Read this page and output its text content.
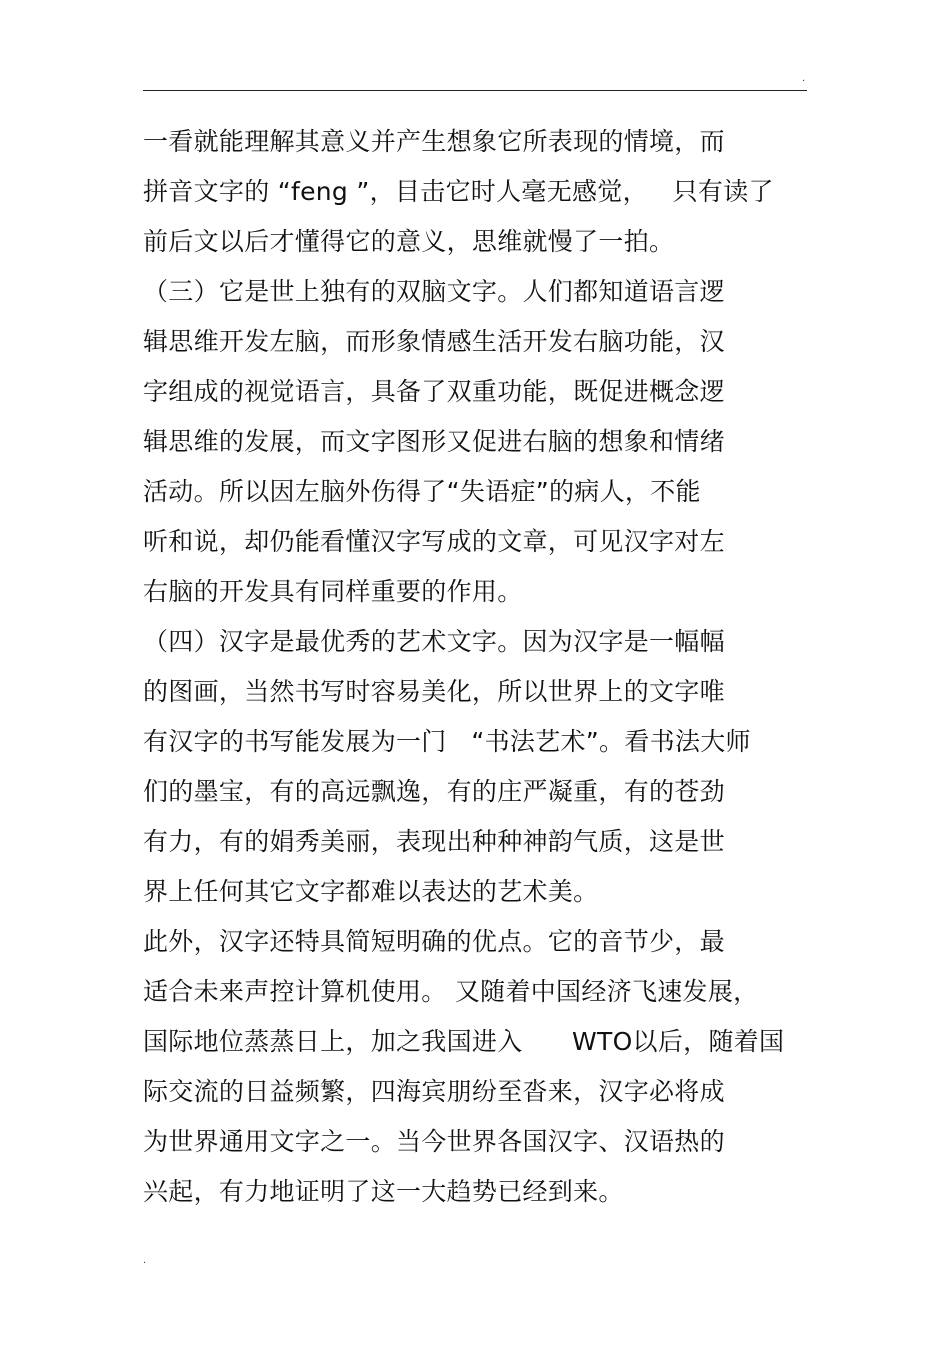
.
一看就能理解其意义并产生想象它所表现的情境，而
拼音文字的 “feng ”，目击它时人毫无感觉，   只有读了
前后文以后才懂得它的意义，思维就慢了一拍。
（三）它是世上独有的双脑文字。人们都知道语言逻
辑思维开发左脑，而形象情感生活开发右脑功能，汉
字组成的视觉语言，具备了双重功能，既促进概念逻
辑思维的发展，而文字图形又促进右脑的想象和情绪
活动。所以因左脑外伤得了“失语症”的病人，不能
听和说，却仍能看懂汉字写成的文章，可见汉字对左
右脑的开发具有同样重要的作用。
（四）汉字是最优秀的艺术文字。因为汉字是一幅幅
的图画，当然书写时容易美化，所以世界上的文字唯
有汉字的书写能发展为一门   “书法艺术”。看书法大师
们的墨宝，有的高远飘逸，有的庄严凝重，有的苍劲
有力，有的娟秀美丽，表现出种种神韵气质，这是世
界上任何其它文字都难以表达的艺术美。
此外，汉字还特具简短明确的优点。它的音节少，最
适合未来声控计算机使用。 又随着中国经济飞速发展，
国际地位蒸蒸日上，加之我国进入      WTO以后，随着国
际交流的日益频繁，四海宾朋纷至沓来，汉字必将成
为世界通用文字之一。当今世界各国汉字、汉语热的
兴起，有力地证明了这一大趋势已经到来。
.
